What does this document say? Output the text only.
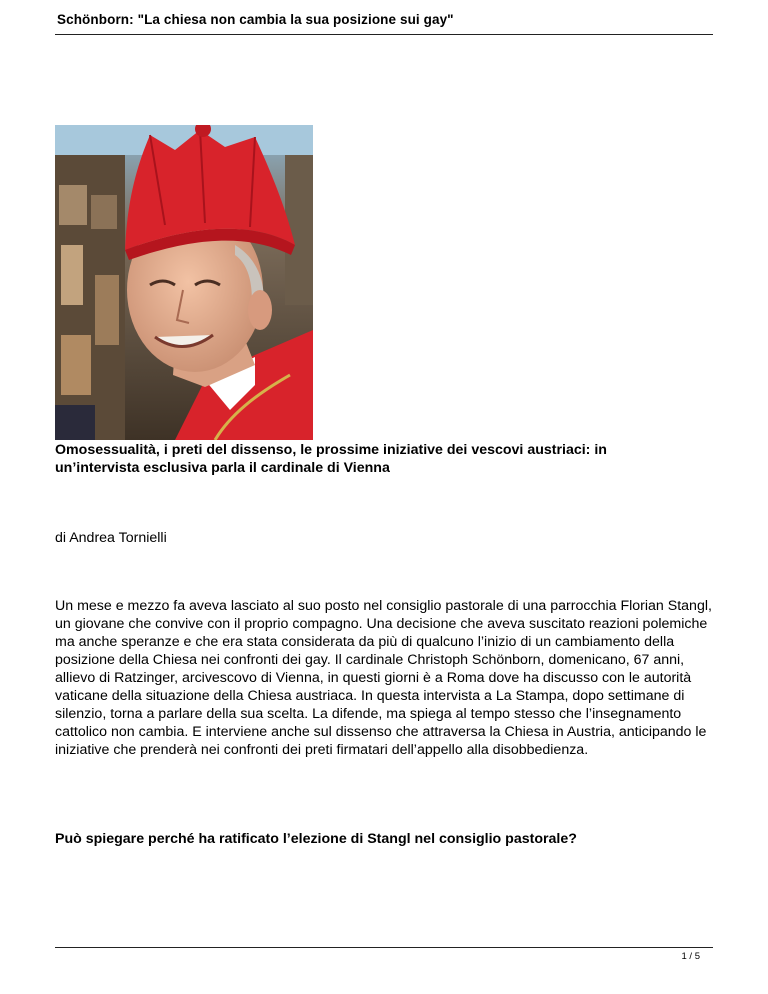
Schönborn: "La chiesa non cambia la sua posizione sui gay"
Omosessualità, i preti del dissenso, le prossime iniziative dei vescovi austriaci: in un’intervista esclusiva parla il cardinale di Vienna
di Andrea Tornielli
Un mese e mezzo fa aveva lasciato al suo posto nel consiglio pastorale di una parrocchia Florian Stangl, un giovane che convive con il proprio compagno. Una decisione che aveva suscitato reazioni polemiche ma anche speranze e che era stata considerata da più di qualcuno l’inizio di un cambiamento della posizione della Chiesa nei confronti dei gay. Il cardinale Christoph Schönborn, domenicano, 67 anni, allievo di Ratzinger, arcivescovo di Vienna, in questi giorni è a Roma dove ha discusso con le autorità vaticane della situazione della Chiesa austriaca. In questa intervista a La Stampa, dopo settimane di silenzio, torna a parlare della sua scelta. La difende, ma spiega al tempo stesso che l’insegnamento cattolico non cambia. E interviene anche sul dissenso che attraversa la Chiesa in Austria, anticipando le iniziative che prenderà nei confronti dei preti firmatari dell’appello alla disobbedienza.
Può spiegare perché ha ratificato l’elezione di Stangl nel consiglio pastorale?
1 / 5
